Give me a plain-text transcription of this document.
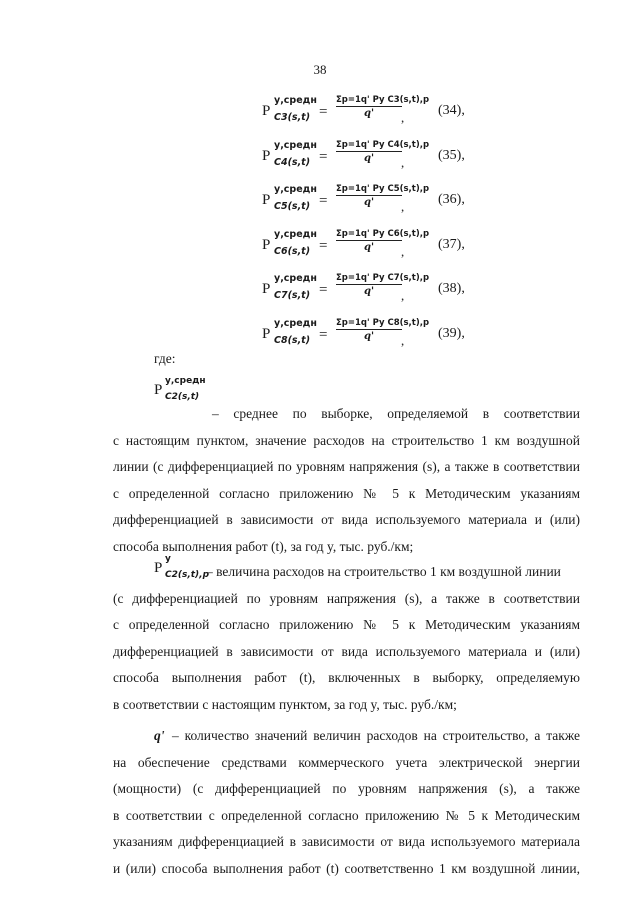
38
P
у,средн
C3(s,t) =
Σp=1q' Py C3(s,t),p
q'	, (34),
P
у,средн
C4(s,t) =
Σp=1q' Py C4(s,t),p
q'	, (35),
P
у,средн
C5(s,t) =
Σp=1q' Py C5(s,t),p
q'	, (36),
P
у,средн
C6(s,t) =
Σp=1q' Py C6(s,t),p
q'	, (37),
P
у,средн
C7(s,t) =
Σp=1q' Py C7(s,t),p
q'	, (38),
P
у,средн
C8(s,t) =
Σp=1q' Py C8(s,t),p
q'	, (39),
где:
P
у,средн
C2(s,t)
– среднее по выборке, определяемой в соответствии
с настоящим пунктом, значение расходов на строительство 1 км воздушной
линии (с дифференциацией по уровням напряжения (s), а также в соответствии
с определенной согласно приложению № 5 к Методическим указаниям
дифференциацией в зависимости от вида используемого материала и (или)
способа выполнения работ (t), за год y, тыс. руб./км;
P
у
C2(s,t),p
– величина расходов на строительство 1 км воздушной линии
(с дифференциацией по уровням напряжения (s), а также в соответствии
с определенной согласно приложению № 5 к Методическим указаниям
дифференциацией в зависимости от вида используемого материала и (или)
способа выполнения работ (t), включенных в выборку, определяемую
в соответствии с настоящим пунктом, за год y, тыс. руб./км;
q' – количество значений величин расходов на строительство, а также
на обеспечение средствами коммерческого учета электрической энергии
(мощности) (с дифференциацией по уровням напряжения (s), а также
в соответствии с определенной согласно приложению № 5 к Методическим
указаниям дифференциацией в зависимости от вида используемого материала
и (или) способа выполнения работ (t) соответственно 1 км воздушной линии,
